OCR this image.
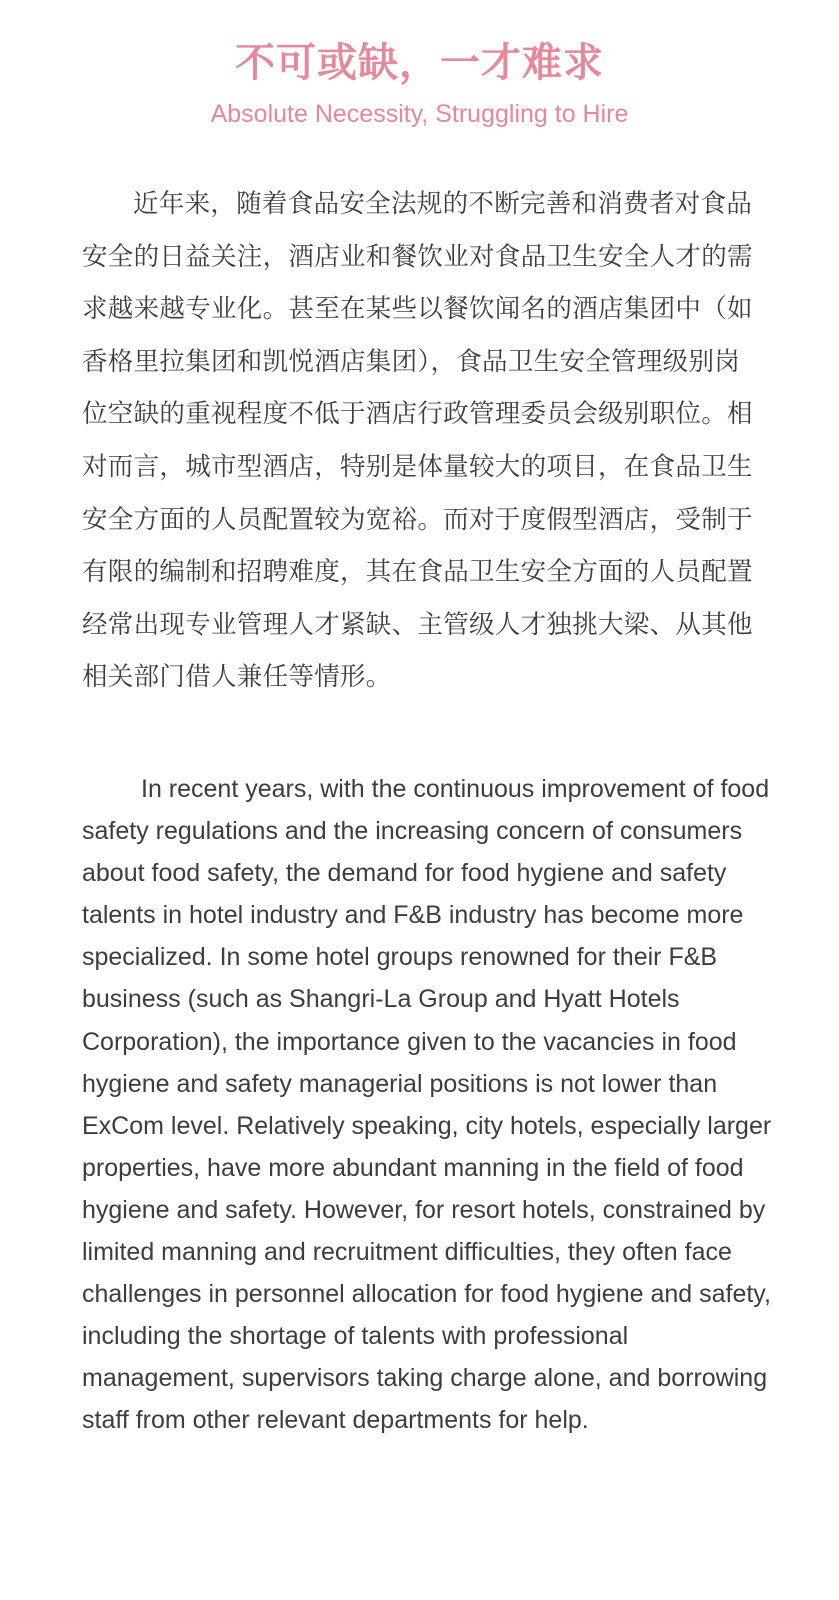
不可或缺，一才难求
Absolute Necessity, Struggling to Hire

近年来，随着食品安全法规的不断完善和消费者对食品安全的日益关注，酒店业和餐饮业对食品卫生安全人才的需求越来越专业化。甚至在某些以餐饮闻名的酒店集团中（如香格里拉集团和凯悦酒店集团），食品卫生安全管理级别岗位空缺的重视程度不低于酒店行政管理委员会级别职位。相对而言，城市型酒店，特别是体量较大的项目，在食品卫生安全方面的人员配置较为宽裕。而对于度假型酒店，受制于有限的编制和招聘难度，其在食品卫生安全方面的人员配置经常出现专业管理人才紧缺、主管级人才独挑大梁、从其他相关部门借人兼任等情形。

In recent years, with the continuous improvement of food safety regulations and the increasing concern of consumers about food safety, the demand for food hygiene and safety talents in hotel industry and F&B industry has become more specialized. In some hotel groups renowned for their F&B business (such as Shangri-La Group and Hyatt Hotels Corporation), the importance given to the vacancies in food hygiene and safety managerial positions is not lower than ExCom level. Relatively speaking, city hotels, especially larger properties, have more abundant manning in the field of food hygiene and safety. However, for resort hotels, constrained by limited manning and recruitment difficulties, they often face challenges in personnel allocation for food hygiene and safety, including the shortage of talents with professional management, supervisors taking charge alone, and borrowing staff from other relevant departments for help.
